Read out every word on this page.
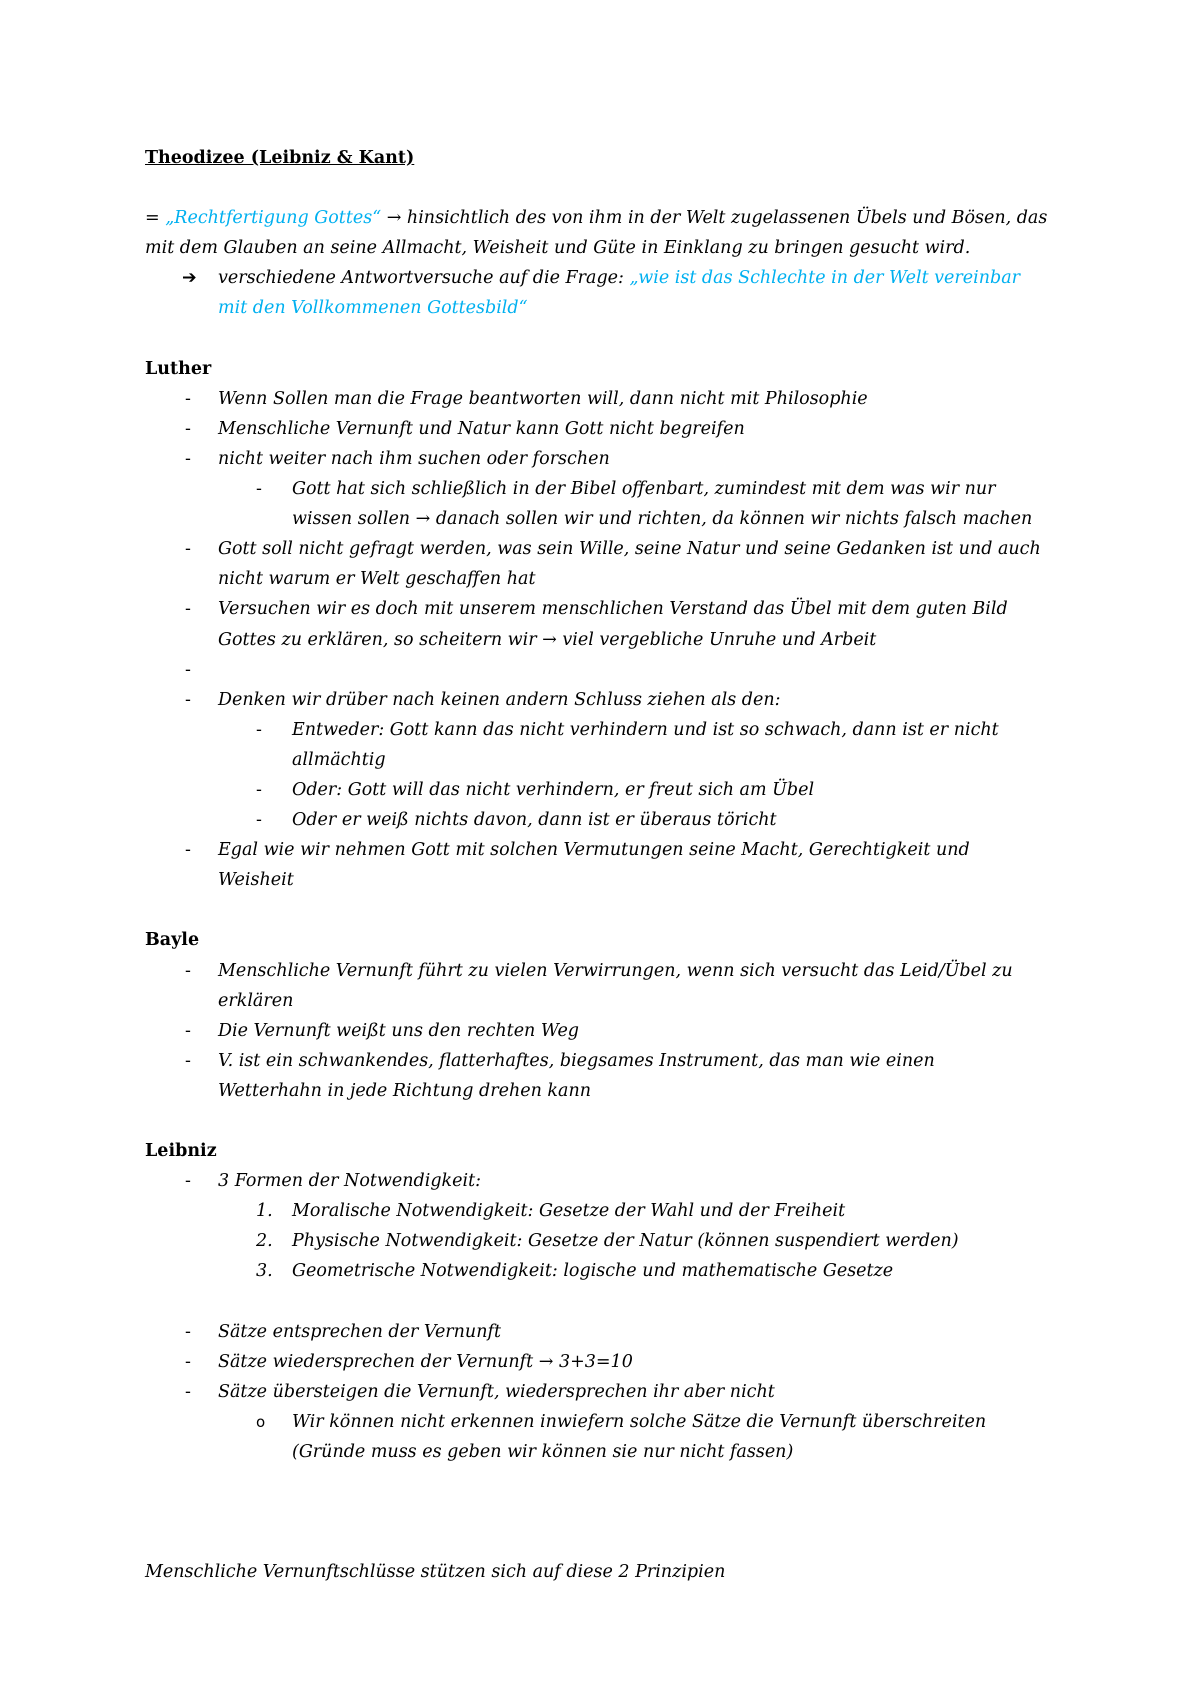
Theodizee (Leibniz & Kant)
= „Rechtfertigung Gottes“ → hinsichtlich des von ihm in der Welt zugelassenen Übels und Bösen, das
mit dem Glauben an seine Allmacht, Weisheit und Güte in Einklang zu bringen gesucht wird.
➔ verschiedene Antwortversuche auf die Frage: „wie ist das Schlechte in der Welt vereinbar
mit den Vollkommenen Gottesbild“
Luther
- Wenn Sollen man die Frage beantworten will, dann nicht mit Philosophie
- Menschliche Vernunft und Natur kann Gott nicht begreifen
- nicht weiter nach ihm suchen oder forschen
- Gott hat sich schließlich in der Bibel offenbart, zumindest mit dem was wir nur
wissen sollen → danach sollen wir und richten, da können wir nichts falsch machen
- Gott soll nicht gefragt werden, was sein Wille, seine Natur und seine Gedanken ist und auch
nicht warum er Welt geschaffen hat
- Versuchen wir es doch mit unserem menschlichen Verstand das Übel mit dem guten Bild
Gottes zu erklären, so scheitern wir → viel vergebliche Unruhe und Arbeit
-
- Denken wir drüber nach keinen andern Schluss ziehen als den:
- Entweder: Gott kann das nicht verhindern und ist so schwach, dann ist er nicht
allmächtig
- Oder: Gott will das nicht verhindern, er freut sich am Übel
- Oder er weiß nichts davon, dann ist er überaus töricht
- Egal wie wir nehmen Gott mit solchen Vermutungen seine Macht, Gerechtigkeit und
Weisheit
Bayle
- Menschliche Vernunft führt zu vielen Verwirrungen, wenn sich versucht das Leid/Übel zu
erklären
- Die Vernunft weißt uns den rechten Weg
- V. ist ein schwankendes, flatterhaftes, biegsames Instrument, das man wie einen
Wetterhahn in jede Richtung drehen kann
Leibniz
- 3 Formen der Notwendigkeit:
1. Moralische Notwendigkeit: Gesetze der Wahl und der Freiheit
2. Physische Notwendigkeit: Gesetze der Natur (können suspendiert werden)
3. Geometrische Notwendigkeit: logische und mathematische Gesetze
- Sätze entsprechen der Vernunft
- Sätze wiedersprechen der Vernunft → 3+3=10
- Sätze übersteigen die Vernunft, wiedersprechen ihr aber nicht
o Wir können nicht erkennen inwiefern solche Sätze die Vernunft überschreiten
(Gründe muss es geben wir können sie nur nicht fassen)
Menschliche Vernunftschlüsse stützen sich auf diese 2 Prinzipien
